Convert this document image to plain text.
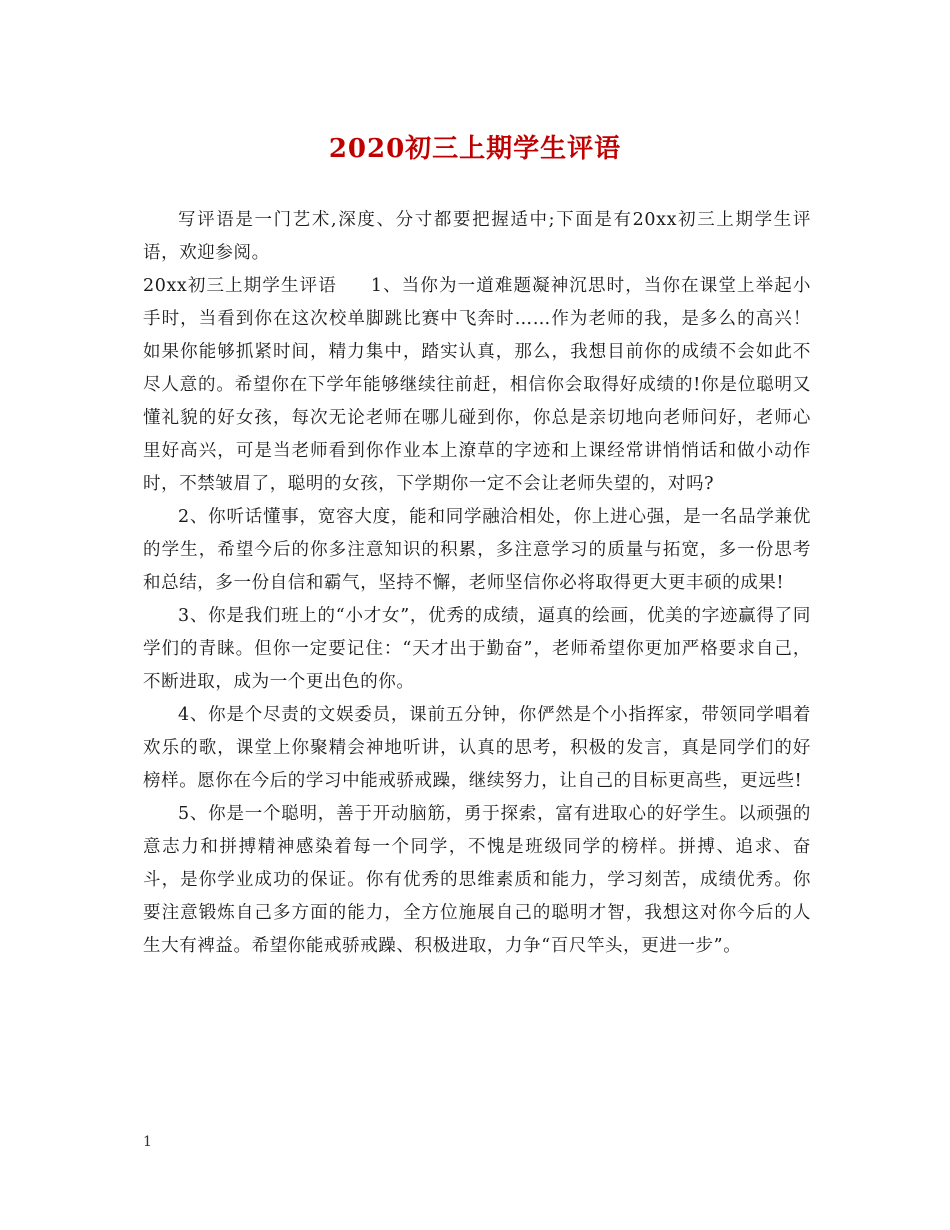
2020初三上期学生评语

写评语是一门艺术,深度、分寸都要把握适中;下面是有20xx初三上期学生评语，欢迎参阅。

20xx初三上期学生评语 1、当你为一道难题凝神沉思时，当你在课堂上举起小手时，当看到你在这次校单脚跳比赛中飞奔时……作为老师的我，是多么的高兴！如果你能够抓紧时间，精力集中，踏实认真，那么，我想目前你的成绩不会如此不尽人意的。希望你在下学年能够继续往前赶，相信你会取得好成绩的!你是位聪明又懂礼貌的好女孩，每次无论老师在哪儿碰到你，你总是亲切地向老师问好，老师心里好高兴，可是当老师看到你作业本上潦草的字迹和上课经常讲悄悄话和做小动作时，不禁皱眉了，聪明的女孩，下学期你一定不会让老师失望的，对吗?

2、你听话懂事，宽容大度，能和同学融洽相处，你上进心强，是一名品学兼优的学生，希望今后的你多注意知识的积累，多注意学习的质量与拓宽，多一份思考和总结，多一份自信和霸气，坚持不懈，老师坚信你必将取得更大更丰硕的成果!

3、你是我们班上的“小才女”，优秀的成绩，逼真的绘画，优美的字迹赢得了同学们的青睐。但你一定要记住：“天才出于勤奋”，老师希望你更加严格要求自己，不断进取，成为一个更出色的你。

4、你是个尽责的文娱委员，课前五分钟，你俨然是个小指挥家，带领同学唱着欢乐的歌，课堂上你聚精会神地听讲，认真的思考，积极的发言，真是同学们的好榜样。愿你在今后的学习中能戒骄戒躁，继续努力，让自己的目标更高些，更远些!

5、你是一个聪明，善于开动脑筋，勇于探索，富有进取心的好学生。以顽强的意志力和拼搏精神感染着每一个同学，不愧是班级同学的榜样。拼搏、追求、奋斗，是你学业成功的保证。你有优秀的思维素质和能力，学习刻苦，成绩优秀。你要注意锻炼自己多方面的能力，全方位施展自己的聪明才智，我想这对你今后的人生大有裨益。希望你能戒骄戒躁、积极进取，力争“百尺竿头，更进一步”。

1
